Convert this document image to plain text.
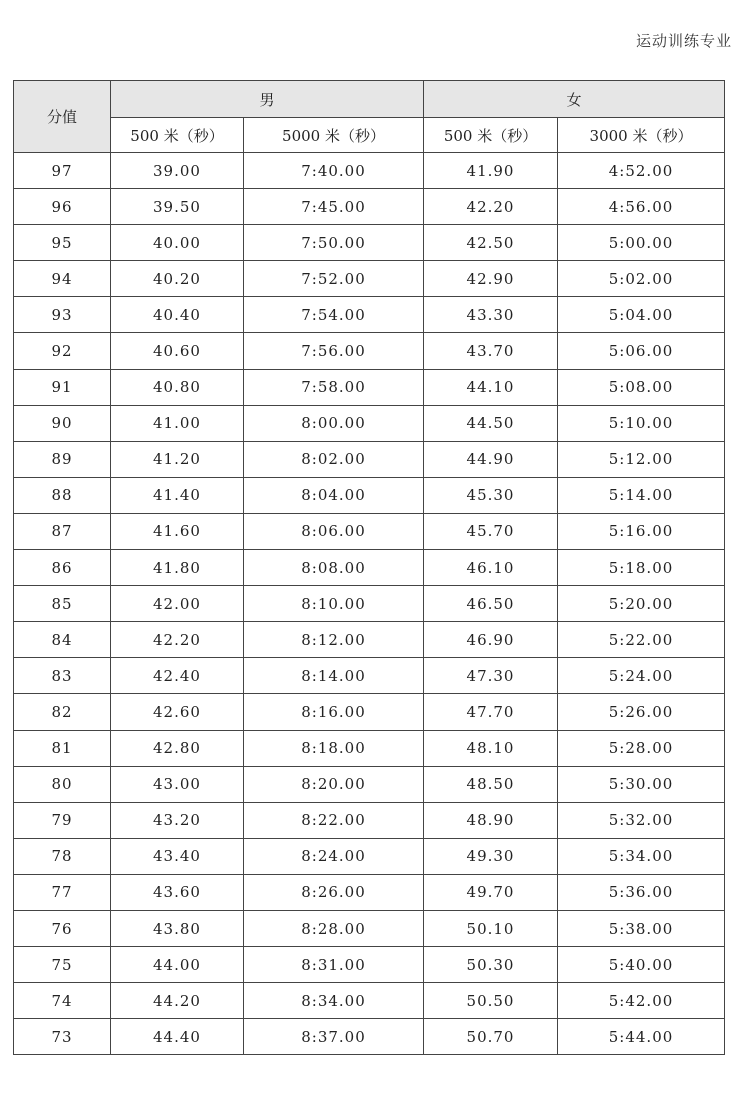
运动训练专业
分值	男		女	
	500 米（秒）	5000 米（秒）	500 米（秒）	3000 米（秒）
97	39.00	7:40.00	41.90	4:52.00
96	39.50	7:45.00	42.20	4:56.00
95	40.00	7:50.00	42.50	5:00.00
94	40.20	7:52.00	42.90	5:02.00
93	40.40	7:54.00	43.30	5:04.00
92	40.60	7:56.00	43.70	5:06.00
91	40.80	7:58.00	44.10	5:08.00
90	41.00	8:00.00	44.50	5:10.00
89	41.20	8:02.00	44.90	5:12.00
88	41.40	8:04.00	45.30	5:14.00
87	41.60	8:06.00	45.70	5:16.00
86	41.80	8:08.00	46.10	5:18.00
85	42.00	8:10.00	46.50	5:20.00
84	42.20	8:12.00	46.90	5:22.00
83	42.40	8:14.00	47.30	5:24.00
82	42.60	8:16.00	47.70	5:26.00
81	42.80	8:18.00	48.10	5:28.00
80	43.00	8:20.00	48.50	5:30.00
79	43.20	8:22.00	48.90	5:32.00
78	43.40	8:24.00	49.30	5:34.00
77	43.60	8:26.00	49.70	5:36.00
76	43.80	8:28.00	50.10	5:38.00
75	44.00	8:31.00	50.30	5:40.00
74	44.20	8:34.00	50.50	5:42.00
73	44.40	8:37.00	50.70	5:44.00
